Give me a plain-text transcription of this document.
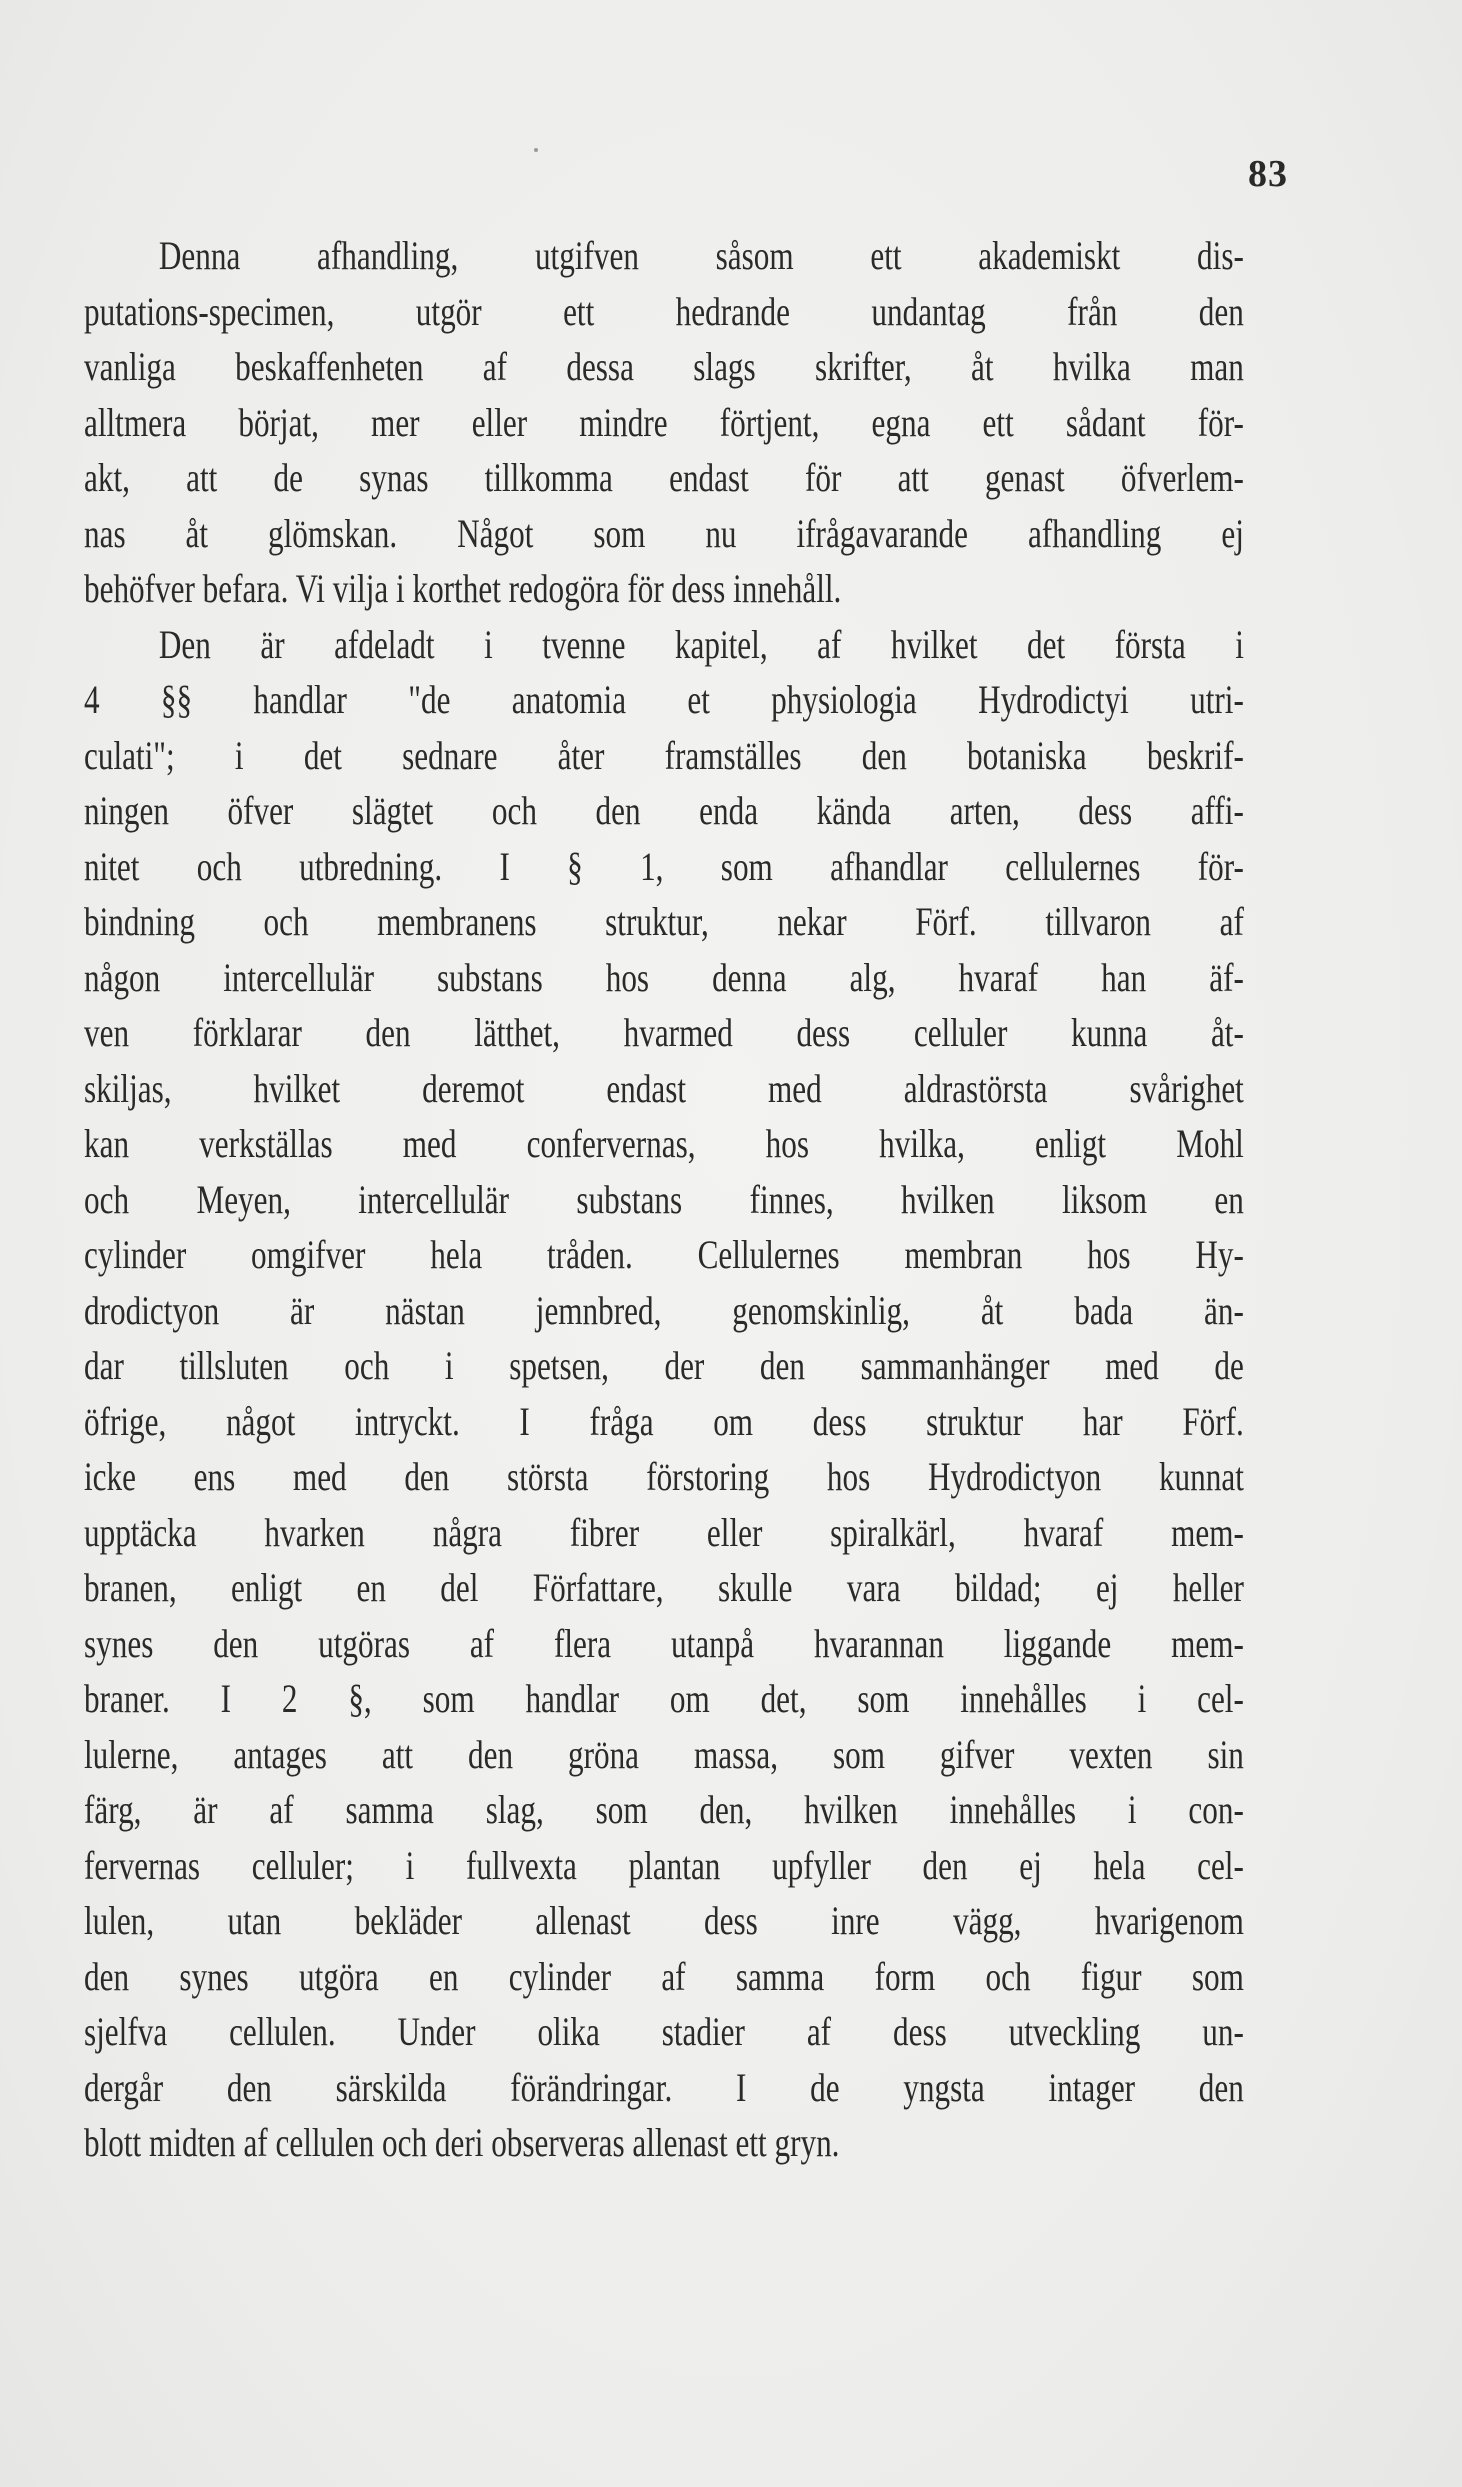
83
Denna afhandling, utgifven såsom ett akademiskt dis-
putations-specimen, utgör ett hedrande undantag från den
vanliga beskaffenheten af dessa slags skrifter, åt hvilka man
alltmera börjat, mer eller mindre förtjent, egna ett sådant för-
akt, att de synas tillkomma endast för att genast öfverlem-
nas åt glömskan. Något som nu ifrågavarande afhandling ej
behöfver befara. Vi vilja i korthet redogöra för dess innehåll.
Den är afdeladt i tvenne kapitel, af hvilket det första i
4 §§ handlar "de anatomia et physiologia Hydrodictyi utri-
culati"; i det sednare åter framställes den botaniska beskrif-
ningen öfver slägtet och den enda kända arten, dess affi-
nitet och utbredning. I § 1, som afhandlar cellulernes för-
bindning och membranens struktur, nekar Förf. tillvaron af
någon intercellulär substans hos denna alg, hvaraf han äf-
ven förklarar den lätthet, hvarmed dess celluler kunna åt-
skiljas, hvilket deremot endast med aldrastörsta svårighet
kan verkställas med confervernas, hos hvilka, enligt Mohl
och Meyen, intercellulär substans finnes, hvilken liksom en
cylinder omgifver hela tråden. Cellulernes membran hos Hy-
drodictyon är nästan jemnbred, genomskinlig, åt bada än-
dar tillsluten och i spetsen, der den sammanhänger med de
öfrige, något intryckt. I fråga om dess struktur har Förf.
icke ens med den största förstoring hos Hydrodictyon kunnat
upptäcka hvarken några fibrer eller spiralkärl, hvaraf mem-
branen, enligt en del Författare, skulle vara bildad; ej heller
synes den utgöras af flera utanpå hvarannan liggande mem-
braner. I 2 §, som handlar om det, som innehålles i cel-
lulerne, antages att den gröna massa, som gifver vexten sin
färg, är af samma slag, som den, hvilken innehålles i con-
fervernas celluler; i fullvexta plantan upfyller den ej hela cel-
lulen, utan bekläder allenast dess inre vägg, hvarigenom
den synes utgöra en cylinder af samma form och figur som
sjelfva cellulen. Under olika stadier af dess utveckling un-
dergår den särskilda förändringar. I de yngsta intager den
blott midten af cellulen och deri observeras allenast ett gryn.
